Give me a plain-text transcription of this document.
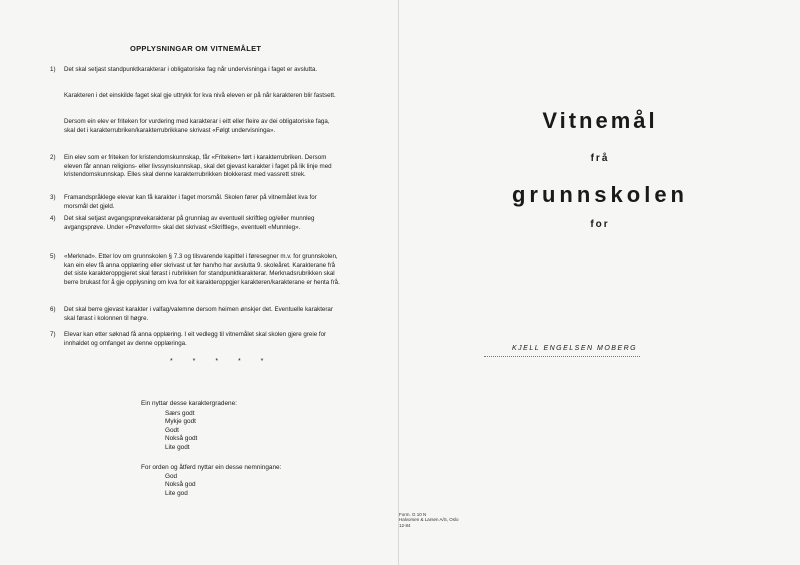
OPPLYSNINGAR OM VITNEMÅLET
1) Det skal setjast standpunktkarakterar i obligatoriske fag når undervisninga i faget er avslutta.
Karakteren i det einskilde faget skal gje uttrykk for kva nivå eleven er på når karakteren blir fastsett.
Dersom ein elev er friteken for vurdering med karakterar i eitt eller fleire av dei obligatoriske faga, skal det i karakterrubriken/karakterrubrikkane skrivast «Følgt undervisninga».
2) Ein elev som er friteken for kristendomskunnskap, får «Friteken» ført i karakterrubriken. Dersom eleven får annan religions- eller livssynskunnskap, skal det gjevast karakter i faget på lik linje med kristendomskunnskap. Elles skal denne karakterrubrikken blokkerast med vassrett strek.
3) Framandspråklege elevar kan få karakter i faget morsmål. Skolen fører på vitnemålet kva for morsmål det gjeld.
4) Det skal setjast avgangsprøvekarakterar på grunnlag av eventuell skriftleg og/eller munnleg avgangsprøve. Under «Prøveform» skal det skrivast «Skriftleg», eventuelt «Munnleg».
5) «Merknad». Etter lov om grunnskolen § 7.3 og tilsvarende kapittel i føresegner m.v. for grunnskolen, kan ein elev få anna opplæring eller skrivast ut før han/ho har avslutta 9. skoleåret. Karakterane frå det siste karakteroppgjeret skal førast i rubrikken for standpunktkarakterar. Merknadsrubrikken skal berre brukast for å gje opplysning om kva for eit karakteroppgjer karakteren/karakterane er henta frå.
6) Det skal berre gjevast karakter i valfag/valemne dersom heimen ønskjer det. Eventuelle karakterar skal førast i kolonnen til høgre.
7) Elevar kan etter søknad få anna opplæring. I eit vedlegg til vitnemålet skal skolen gjere greie for innhaldet og omfanget av denne opplæringa.
* * * * *
Ein nyttar desse karaktergradene:
Særs godt
Mykje godt
Godt
Nokså godt
Lite godt
For orden og åtferd nyttar ein desse nemningane:
God
Nokså god
Lite god
Vitnemål
frå
grunnskolen
for
KJELL ENGELSEN MOBERG
Form. G 10 N
Halvorsen & Larsen A/S, Oslo
12-84
